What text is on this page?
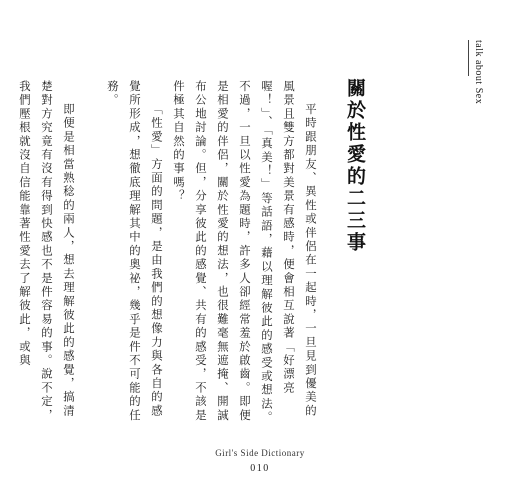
talk about Sex
關於性愛的二三事

平時跟朋友、異性或伴侶在一起時，一旦見到優美的風景且雙方都對美景有感時，便會相互說著「好漂亮喔！」、「真美！」等話語，藉以理解彼此的感受或想法。不過，一旦以性愛為題時，許多人卻經常羞於啟齒。即便是相愛的伴侶，關於性愛的想法，也很難毫無遮掩、開誠布公地討論。但，分享彼此的感覺、共有的感受，不該是件極其自然的事嗎？

「性愛」方面的問題，是由我們的想像力與各自的感覺所形成，想徹底理解其中的奧祕，幾乎是件不可能的任務。

即便是相當熟稔的兩人，想去理解彼此的感覺，搞清楚對方究竟有沒有得到快感也不是件容易的事。說不定，我們壓根就沒自信能靠著性愛去了解彼此，或與

Girl's Side Dictionary
010
